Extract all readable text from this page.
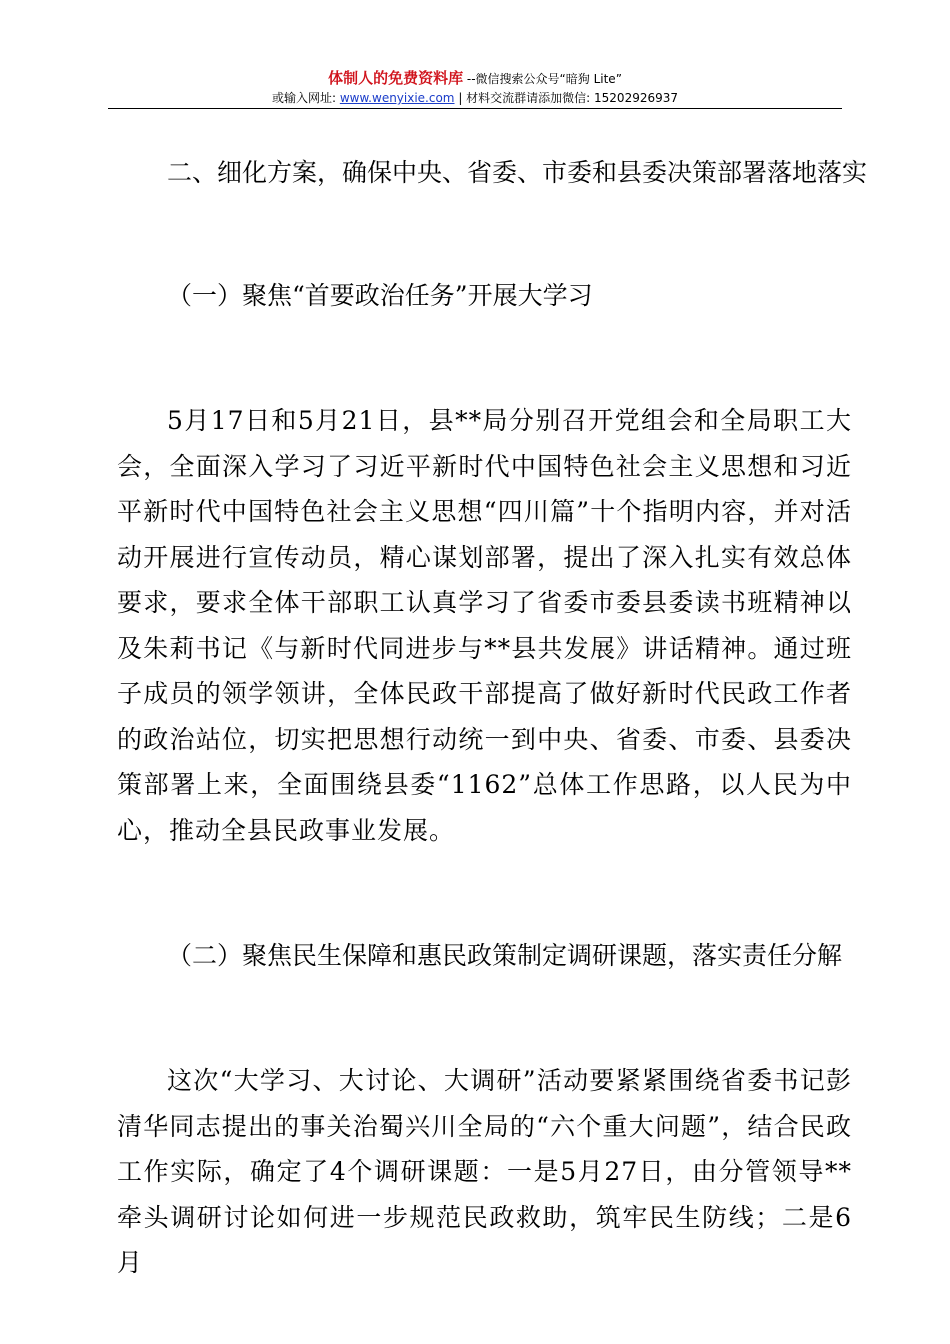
体制人的免费资料库 --微信搜索公众号“暗狗 Lite”
或输入网址: www.wenyixie.com | 材料交流群请添加微信: 15202926937

二、细化方案，确保中央、省委、市委和县委决策部署落地落实

（一）聚焦“首要政治任务”开展大学习

5月17日和5月21日，县**局分别召开党组会和全局职工大会，全面深入学习了习近平新时代中国特色社会主义思想和习近平新时代中国特色社会主义思想“四川篇”十个指明内容，并对活动开展进行宣传动员，精心谋划部署，提出了深入扎实有效总体要求，要求全体干部职工认真学习了省委市委县委读书班精神以及朱莉书记《与新时代同进步与**县共发展》讲话精神。通过班子成员的领学领讲，全体民政干部提高了做好新时代民政工作者的政治站位，切实把思想行动统一到中央、省委、市委、县委决策部署上来，全面围绕县委“1162”总体工作思路，以人民为中心，推动全县民政事业发展。

（二）聚焦民生保障和惠民政策制定调研课题，落实责任分解

这次“大学习、大讨论、大调研”活动要紧紧围绕省委书记彭清华同志提出的事关治蜀兴川全局的“六个重大问题”，结合民政工作实际，确定了4个调研课题：一是5月27日，由分管领导**牵头调研讨论如何进一步规范民政救助，筑牢民生防线；二是6月
